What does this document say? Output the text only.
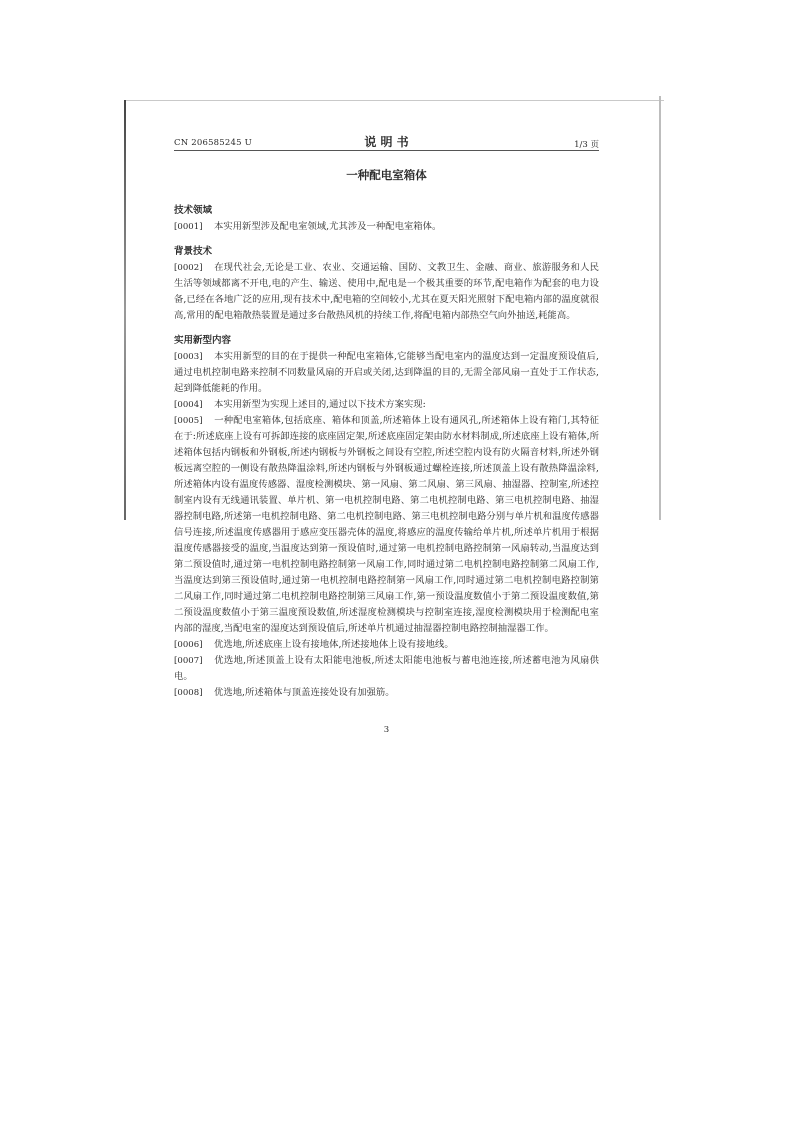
CN 206585245 U	说 明 书	1/3 页
一种配电室箱体
技术领域
[0001] 本实用新型涉及配电室领域,尤其涉及一种配电室箱体。
背景技术
[0002] 在现代社会,无论是工业、农业、交通运输、国防、文教卫生、金融、商业、旅游服务和人民生活等领域都离不开电,电的产生、输送、使用中,配电是一个极其重要的环节,配电箱作为配套的电力设备,已经在各地广泛的应用,现有技术中,配电箱的空间较小,尤其在夏天阳光照射下配电箱内部的温度就很高,常用的配电箱散热装置是通过多台散热风机的持续工作,将配电箱内部热空气向外抽送,耗能高。
实用新型内容
[0003] 本实用新型的目的在于提供一种配电室箱体,它能够当配电室内的温度达到一定温度预设值后,通过电机控制电路来控制不同数量风扇的开启或关闭,达到降温的目的,无需全部风扇一直处于工作状态,起到降低能耗的作用。
[0004] 本实用新型为实现上述目的,通过以下技术方案实现:
[0005] 一种配电室箱体,包括底座、箱体和顶盖,所述箱体上设有通风孔,所述箱体上设有箱门,其特征在于:所述底座上设有可拆卸连接的底座固定架,所述底座固定架由防水材料制成,所述底座上设有箱体,所述箱体包括内钢板和外钢板,所述内钢板与外钢板之间设有空腔,所述空腔内设有防火隔音材料,所述外钢板远离空腔的一侧设有散热降温涂料,所述内钢板与外钢板通过螺栓连接,所述顶盖上设有散热降温涂料,所述箱体内设有温度传感器、湿度检测模块、第一风扇、第二风扇、第三风扇、抽湿器、控制室,所述控制室内设有无线通讯装置、单片机、第一电机控制电路、第二电机控制电路、第三电机控制电路、抽湿器控制电路,所述第一电机控制电路、第二电机控制电路、第三电机控制电路分别与单片机和温度传感器信号连接,所述温度传感器用于感应变压器壳体的温度,将感应的温度传输给单片机,所述单片机用于根据温度传感器接受的温度,当温度达到第一预设值时,通过第一电机控制电路控制第一风扇转动,当温度达到第二预设值时,通过第一电机控制电路控制第一风扇工作,同时通过第二电机控制电路控制第二风扇工作,当温度达到第三预设值时,通过第一电机控制电路控制第一风扇工作,同时通过第二电机控制电路控制第二风扇工作,同时通过第二电机控制电路控制第三风扇工作,第一预设温度数值小于第二预设温度数值,第二预设温度数值小于第三温度预设数值,所述湿度检测模块与控制室连接,湿度检测模块用于检测配电室内部的湿度,当配电室的湿度达到预设值后,所述单片机通过抽湿器控制电路控制抽湿器工作。
[0006] 优选地,所述底座上设有接地体,所述接地体上设有接地线。
[0007] 优选地,所述顶盖上设有太阳能电池板,所述太阳能电池板与蓄电池连接,所述蓄电池为风扇供电。
[0008] 优选地,所述箱体与顶盖连接处设有加强筋。
3
